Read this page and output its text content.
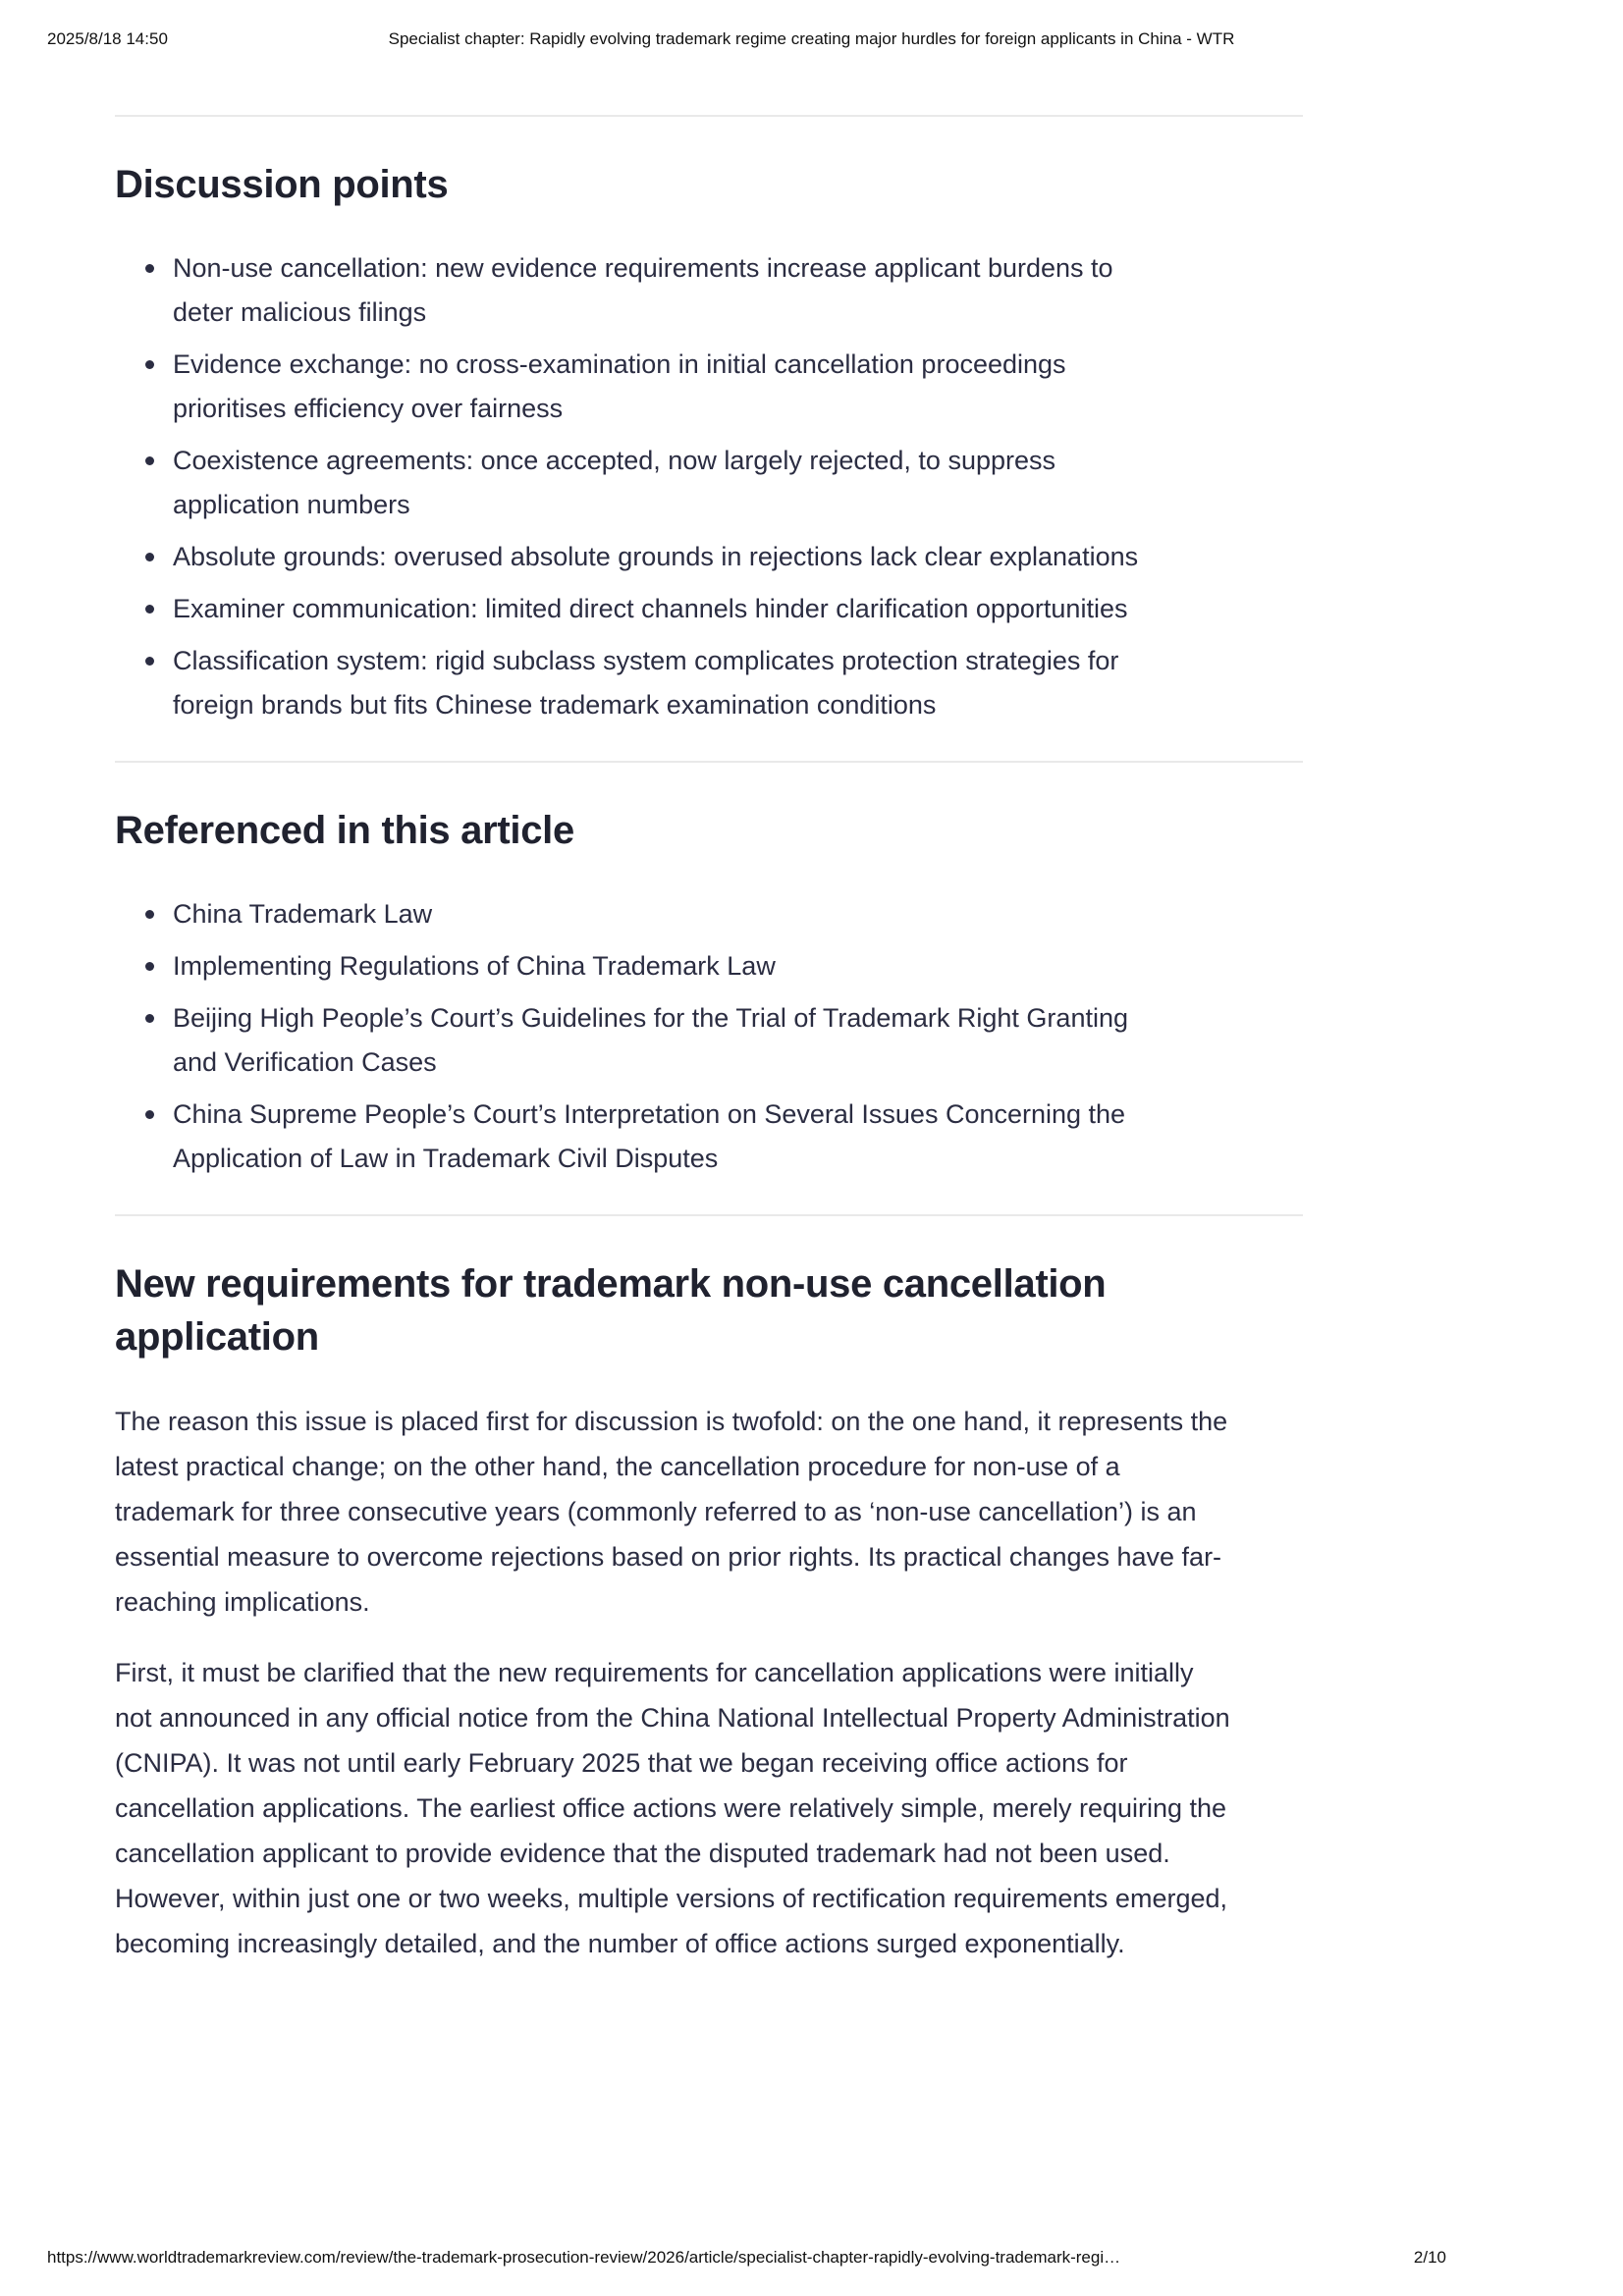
2025/8/18 14:50	Specialist chapter: Rapidly evolving trademark regime creating major hurdles for foreign applicants in China - WTR
Discussion points
Non-use cancellation: new evidence requirements increase applicant burdens to deter malicious filings
Evidence exchange: no cross-examination in initial cancellation proceedings prioritises efficiency over fairness
Coexistence agreements: once accepted, now largely rejected, to suppress application numbers
Absolute grounds: overused absolute grounds in rejections lack clear explanations
Examiner communication: limited direct channels hinder clarification opportunities
Classification system: rigid subclass system complicates protection strategies for foreign brands but fits Chinese trademark examination conditions
Referenced in this article
China Trademark Law
Implementing Regulations of China Trademark Law
Beijing High People’s Court’s Guidelines for the Trial of Trademark Right Granting and Verification Cases
China Supreme People’s Court’s Interpretation on Several Issues Concerning the Application of Law in Trademark Civil Disputes
New requirements for trademark non-use cancellation application

The reason this issue is placed first for discussion is twofold: on the one hand, it represents the latest practical change; on the other hand, the cancellation procedure for non-use of a trademark for three consecutive years (commonly referred to as ‘non-use cancellation’) is an essential measure to overcome rejections based on prior rights. Its practical changes have far-reaching implications.

First, it must be clarified that the new requirements for cancellation applications were initially not announced in any official notice from the China National Intellectual Property Administration (CNIPA). It was not until early February 2025 that we began receiving office actions for cancellation applications. The earliest office actions were relatively simple, merely requiring the cancellation applicant to provide evidence that the disputed trademark had not been used. However, within just one or two weeks, multiple versions of rectification requirements emerged, becoming increasingly detailed, and the number of office actions surged exponentially.

https://www.worldtrademarkreview.com/review/the-trademark-prosecution-review/2026/article/specialist-chapter-rapidly-evolving-trademark-regi…	2/10
